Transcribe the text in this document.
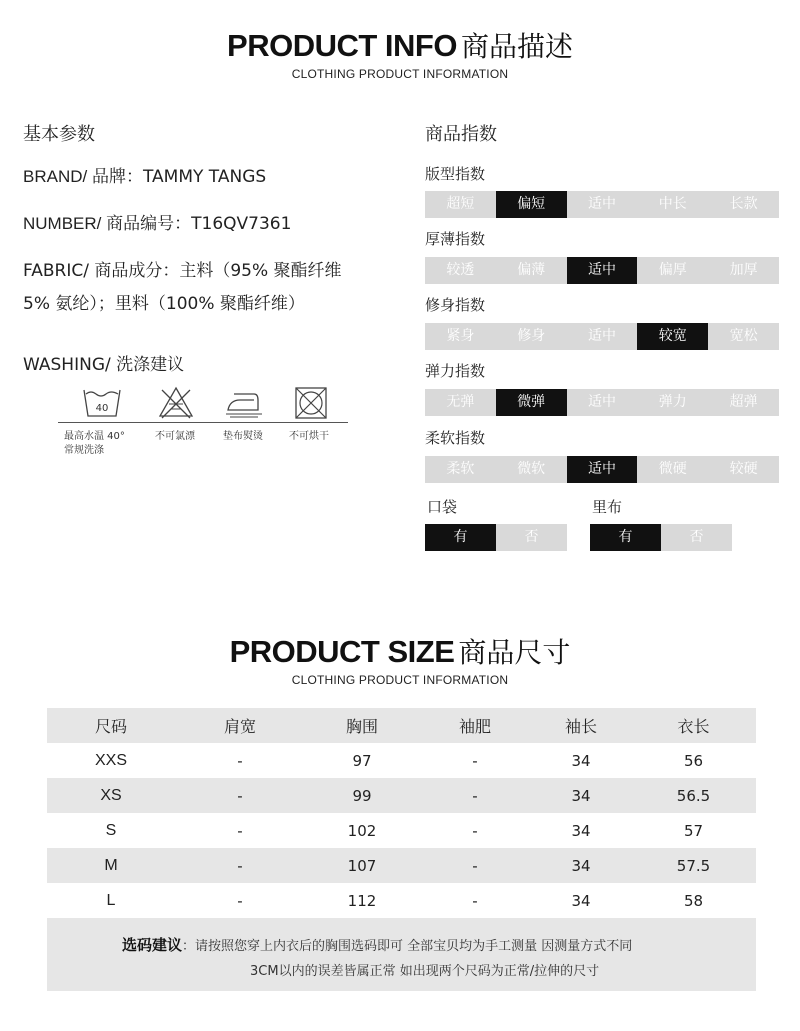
PRODUCT INFO 商品描述
CLOTHING PRODUCT INFORMATION
基本参数
BRAND/ 品牌：TAMMY TANGS
NUMBER/ 商品编号：T16QV7361
FABRIC/ 商品成分：主料（95% 聚酯纤维
5% 氨纶）；里料（100% 聚酯纤维）
WASHING/ 洗涤建议
40
最高水温 40°
常规洗涤
不可氯漂	垫布熨烫	不可烘干
商品指数
版型指数
超短	偏短	适中	中长	长款
厚薄指数
较透	偏薄	适中	偏厚	加厚
修身指数
紧身	修身	适中	较宽	宽松
弹力指数
无弹	微弹	适中	弹力	超弹
柔软指数
柔软	微软	适中	微硬	较硬
口袋
有	否
里布
有	否
PRODUCT SIZE 商品尺寸
CLOTHING PRODUCT INFORMATION
尺码	肩宽	胸围	袖肥	袖长	衣长
XXS	-	97	-	34	56
XS	-	99	-	34	56.5
S	-	102	-	34	57
M	-	107	-	34	57.5
L	-	112	-	34	58
选码建议：请按照您穿上内衣后的胸围选码即可 全部宝贝均为手工测量 因测量方式不同
3CM以内的误差皆属正常 如出现两个尺码为正常/拉伸的尺寸
